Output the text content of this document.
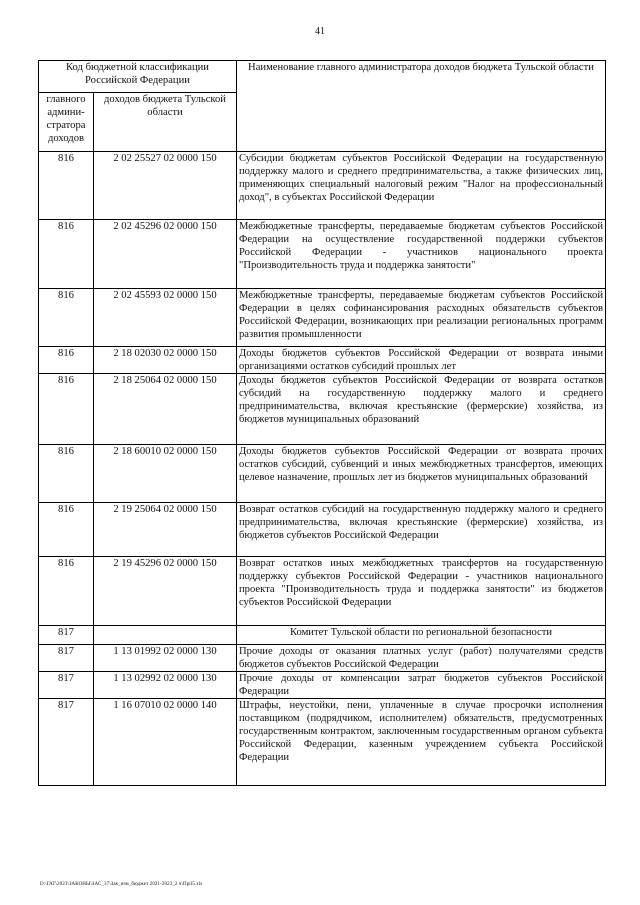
41
Код бюджетной классификации Российской Федерации		Наименование главного администратора доходов бюджета Тульской области
главного админи-стратора доходов	доходов бюджета Тульской области	
816	2 02 25527 02 0000 150	Субсидии бюджетам субъектов Российской Федерации на государственную поддержку малого и среднего предпринимательства, а также физических лиц, применяющих специальный налоговый режим "Налог на профессиональный доход", в субъектах Российской Федерации
816	2 02 45296 02 0000 150	Межбюджетные трансферты, передаваемые бюджетам субъектов Российской Федерации на осуществление государственной поддержки субъектов Российской Федерации - участников национального проекта "Производительность труда и поддержка занятости"
816	2 02 45593 02 0000 150	Межбюджетные трансферты, передаваемые бюджетам субъектов Российской Федерации в целях софинансирования расходных обязательств субъектов Российской Федерации, возникающих при реализации региональных программ развития промышленности
816	2 18 02030 02 0000 150	Доходы бюджетов субъектов Российской Федерации от возврата иными организациями остатков субсидий прошлых лет
816	2 18 25064 02 0000 150	Доходы бюджетов субъектов Российской Федерации от возврата остатков субсидий на государственную поддержку малого и среднего предпринимательства, включая крестьянские (фермерские) хозяйства, из бюджетов муниципальных образований
816	2 18 60010 02 0000 150	Доходы бюджетов субъектов Российской Федерации от возврата прочих остатков субсидий, субвенций и иных межбюджетных трансфертов, имеющих целевое назначение, прошлых лет из бюджетов муниципальных образований
816	2 19 25064 02 0000 150	Возврат остатков субсидий на государственную поддержку малого и среднего предпринимательства, включая крестьянские (фермерские) хозяйства, из бюджетов субъектов Российской Федерации
816	2 19 45296 02 0000 150	Возврат остатков иных межбюджетных трансфертов на государственную поддержку субъектов Российской Федерации - участников национального проекта "Производительность труда и поддержка занятости" из бюджетов субъектов Российской Федерации
817		Комитет Тульской области по региональной безопасности
817	1 13 01992 02 0000 130	Прочие доходы от оказания платных услуг (работ) получателями средств бюджетов субъектов Российской Федерации
817	1 13 02992 02 0000 130	Прочие доходы от компенсации затрат бюджетов субъектов Российской Федерации
817	1 16 07010 02 0000 140	Штрафы, неустойки, пени, уплаченные в случае просрочки исполнения поставщиком (подрядчиком, исполнителем) обязательств, предусмотренных государственным контрактом, заключенным государственным органом субъекта Российской Федерации, казенным учреждением субъекта Российской Федерации
D:\ГАТ\2023\ЗАКОНЫ\ЗАС_37\Зак_изм_бюджет 2021-2023_2 ч\Прil5.xls
